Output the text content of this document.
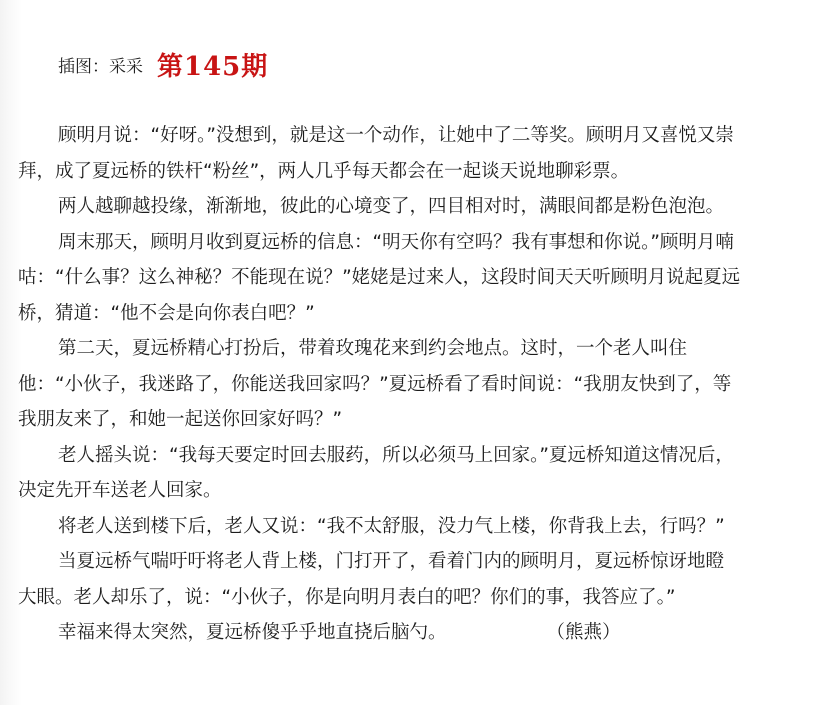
插图：采采 第145期
顾明月说：“好呀。”没想到，就是这一个动作，让她中了二等奖。顾明月又喜悦又崇
拜，成了夏远桥的铁杆“粉丝”，两人几乎每天都会在一起谈天说地聊彩票。
两人越聊越投缘，渐渐地，彼此的心境变了，四目相对时，满眼间都是粉色泡泡。
周末那天，顾明月收到夏远桥的信息：“明天你有空吗？我有事想和你说。”顾明月喃
咕：“什么事？这么神秘？不能现在说？”姥姥是过来人，这段时间天天听顾明月说起夏远
桥，猜道：“他不会是向你表白吧？”
第二天，夏远桥精心打扮后，带着玫瑰花来到约会地点。这时，一个老人叫住
他：“小伙子，我迷路了，你能送我回家吗？”夏远桥看了看时间说：“我朋友快到了，等
我朋友来了，和她一起送你回家好吗？”
老人摇头说：“我每天要定时回去服药，所以必须马上回家。”夏远桥知道这情况后，
决定先开车送老人回家。
将老人送到楼下后，老人又说：“我不太舒服，没力气上楼，你背我上去，行吗？”
当夏远桥气喘吁吁将老人背上楼，门打开了，看着门内的顾明月，夏远桥惊讶地瞪
大眼。老人却乐了，说：“小伙子，你是向明月表白的吧？你们的事，我答应了。”
幸福来得太突然，夏远桥傻乎乎地直挠后脑勺。	（熊燕）
